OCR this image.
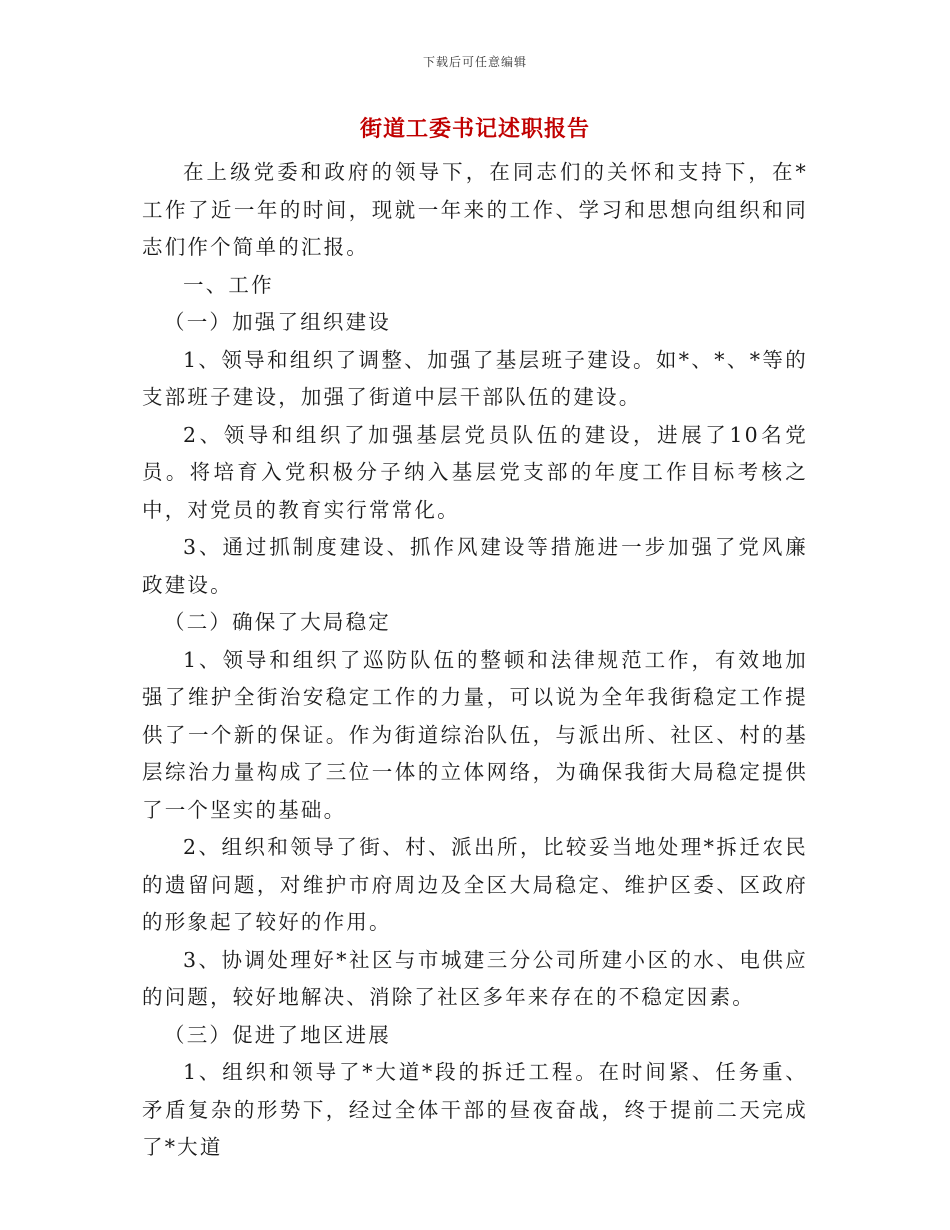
下载后可任意编辑
街道工委书记述职报告

在上级党委和政府的领导下，在同志们的关怀和支持下，在*工作了近一年的时间，现就一年来的工作、学习和思想向组织和同志们作个简单的汇报。

一、工作

（一）加强了组织建设

1、领导和组织了调整、加强了基层班子建设。如*、*、*等的支部班子建设，加强了街道中层干部队伍的建设。

2、领导和组织了加强基层党员队伍的建设，进展了10名党员。将培育入党积极分子纳入基层党支部的年度工作目标考核之中，对党员的教育实行常常化。

3、通过抓制度建设、抓作风建设等措施进一步加强了党风廉政建设。

（二）确保了大局稳定

1、领导和组织了巡防队伍的整顿和法律规范工作，有效地加强了维护全街治安稳定工作的力量，可以说为全年我街稳定工作提供了一个新的保证。作为街道综治队伍，与派出所、社区、村的基层综治力量构成了三位一体的立体网络，为确保我街大局稳定提供了一个坚实的基础。

2、组织和领导了街、村、派出所，比较妥当地处理*拆迁农民的遗留问题，对维护市府周边及全区大局稳定、维护区委、区政府的形象起了较好的作用。

3、协调处理好*社区与市城建三分公司所建小区的水、电供应的问题，较好地解决、消除了社区多年来存在的不稳定因素。

（三）促进了地区进展

1、组织和领导了*大道*段的拆迁工程。在时间紧、任务重、矛盾复杂的形势下，经过全体干部的昼夜奋战，终于提前二天完成了*大道
